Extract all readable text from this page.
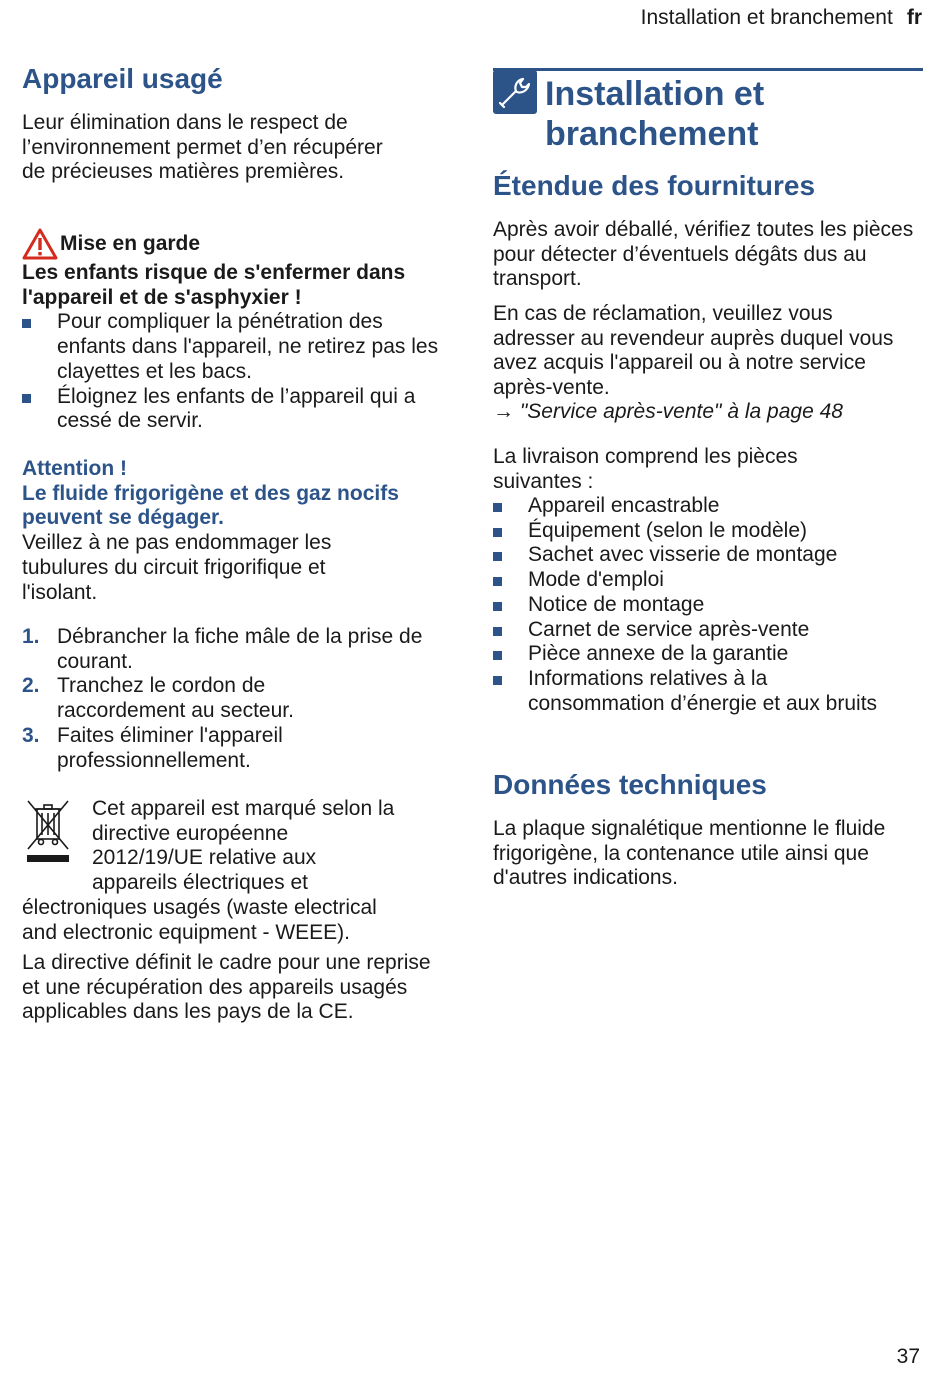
Installation et branchement fr
Appareil usagé

Leur élimination dans le respect de l’environnement permet d’en récupérer de précieuses matières premières.

Mise en garde
Les enfants risque de s'enfermer dans
l'appareil et de s'asphyxier !
Pour compliquer la pénétration des enfants dans l'appareil, ne retirez pas les clayettes et les bacs.
Éloignez les enfants de l’appareil qui a cessé de servir.
Attention !
Le fluide frigorigène et des gaz nocifs peuvent se dégager.
Veillez à ne pas endommager les tubulures du circuit frigorifique et l'isolant.
1. Débrancher la fiche mâle de la prise de courant.
2. Tranchez le cordon de raccordement au secteur.
3. Faites éliminer l'appareil professionnellement.
Cet appareil est marqué selon la
directive européenne
2012/19/UE relative aux
appareils électriques et
électroniques usagés (waste electrical
and electronic equipment - WEEE).

La directive définit le cadre pour une reprise et une récupération des appareils usagés applicables dans les pays de la CE.

Installation et
branchement
Étendue des fournitures

Après avoir déballé, vérifiez toutes les pièces pour détecter d’éventuels dégâts dus au transport.

En cas de réclamation, veuillez vous adresser au revendeur auprès duquel vous avez acquis l'appareil ou à notre service après-vente.

→ "Service après-vente" à la page 48

La livraison comprend les pièces suivantes :

Appareil encastrable
Équipement (selon le modèle)
Sachet avec visserie de montage
Mode d'emploi
Notice de montage
Carnet de service après-vente
Pièce annexe de la garantie
Informations relatives à la consommation d’énergie et aux bruits
Données techniques

La plaque signalétique mentionne le fluide frigorigène, la contenance utile ainsi que d'autres indications.

37
